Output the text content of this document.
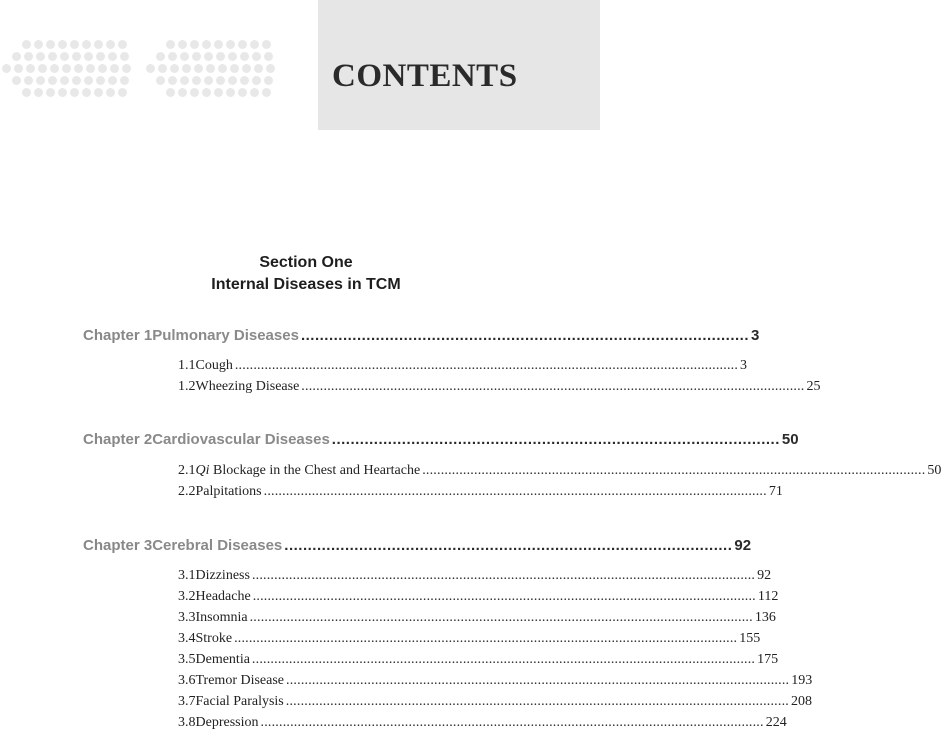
CONTENTS
Section One
Internal Diseases in TCM
Chapter 1 Pulmonary Diseases ................................................................................................ 3
1.1 Cough ........................................................................................................................................ 3
1.2 Wheezing Disease ........................................................................................................................................ 25
Chapter 2 Cardiovascular Diseases ................................................................................................ 50
2.1 Qi Blockage in the Chest and Heartache ........................................................................................................................................ 50
2.2 Palpitations ........................................................................................................................................ 71
Chapter 3 Cerebral Diseases ................................................................................................ 92
3.1 Dizziness ........................................................................................................................................ 92
3.2 Headache ........................................................................................................................................ 112
3.3 Insomnia ........................................................................................................................................ 136
3.4 Stroke ........................................................................................................................................ 155
3.5 Dementia ........................................................................................................................................ 175
3.6 Tremor Disease ........................................................................................................................................ 193
3.7 Facial Paralysis ........................................................................................................................................ 208
3.8 Depression ........................................................................................................................................ 224
